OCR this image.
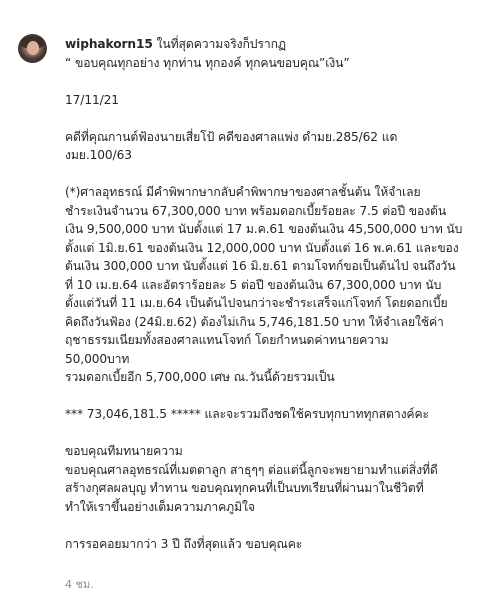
wiphakorn15 ในที่สุดความจริงก็ปรากฏ
“ ขอบคุณทุกอย่าง ทุกท่าน ทุกองค์ ทุกคนขอบคุณ”เงิน”
17/11/21
คดีที่คุณกานต์ฟ้องนายเสี่ยโป้ คดีของศาลแพ่ง ดำมย.285/62 แด
งมย.100/63
(*)ศาลอุทธรณ์ มีคำพิพากษากลับคำพิพากษาของศาลชั้นต้น ให้จำเลย
ชำระเงินจำนวน 67,300,000 บาท พร้อมดอกเบี้ยร้อยละ 7.5 ต่อปี ของต้น
เงิน 9,500,000 บาท นับตั้งแต่ 17 ม.ค.61 ของต้นเงิน 45,500,000 บาท นับ
ตั้งแต่ 1มิ.ย.61 ของต้นเงิน 12,000,000 บาท นับตั้งแต่ 16 พ.ค.61 และของ
ต้นเงิน 300,000 บาท นับตั้งแต่ 16 มิ.ย.61 ตามโจทก์ขอเป็นต้นไป จนถึงวัน
ที่ 10 เม.ย.64 และอัตราร้อยละ 5 ต่อปี ของต้นเงิน 67,300,000 บาท นับ
ตั้งแต่วันที่ 11 เม.ย.64 เป็นต้นไปจนกว่าจะชำระเสร็จแก่โจทก์ โดยดอกเบี้ย
คิดถึงวันฟ้อง (24มิ.ย.62) ต้องไม่เกิน 5,746,181.50 บาท ให้จำเลยใช้ค่า
ฤชาธรรมเนียมทั้งสองศาลแทนโจทก์ โดยกำหนดค่าทนายความ
50,000บาท
รวมดอกเบี้ยอีก 5,700,000 เศษ ณ.วันนี้ด้วยรวมเป็น
*** 73,046,181.5 ***** และจะรวมถึงชดใช้ครบทุกบาททุกสตางค์คะ
ขอบคุณทีมทนายความ
ขอบคุณศาลอุทธรณ์ที่เมตตาลูก สาธุๆๆ ต่อแต่นี้ลูกจะพยายามทำแต่สิ่งที่ดี
สร้างกุศลผลบุญ ทำทาน ขอบคุณทุกคนที่เป็นบทเรียนที่ผ่านมาในชีวิตที่
ทำให้เราขึ้นอย่างเต็มความภาคภูมิใจ
การรอคอยมากว่า 3 ปี ถึงที่สุดแล้ว ขอบคุณคะ
4 ชม.
